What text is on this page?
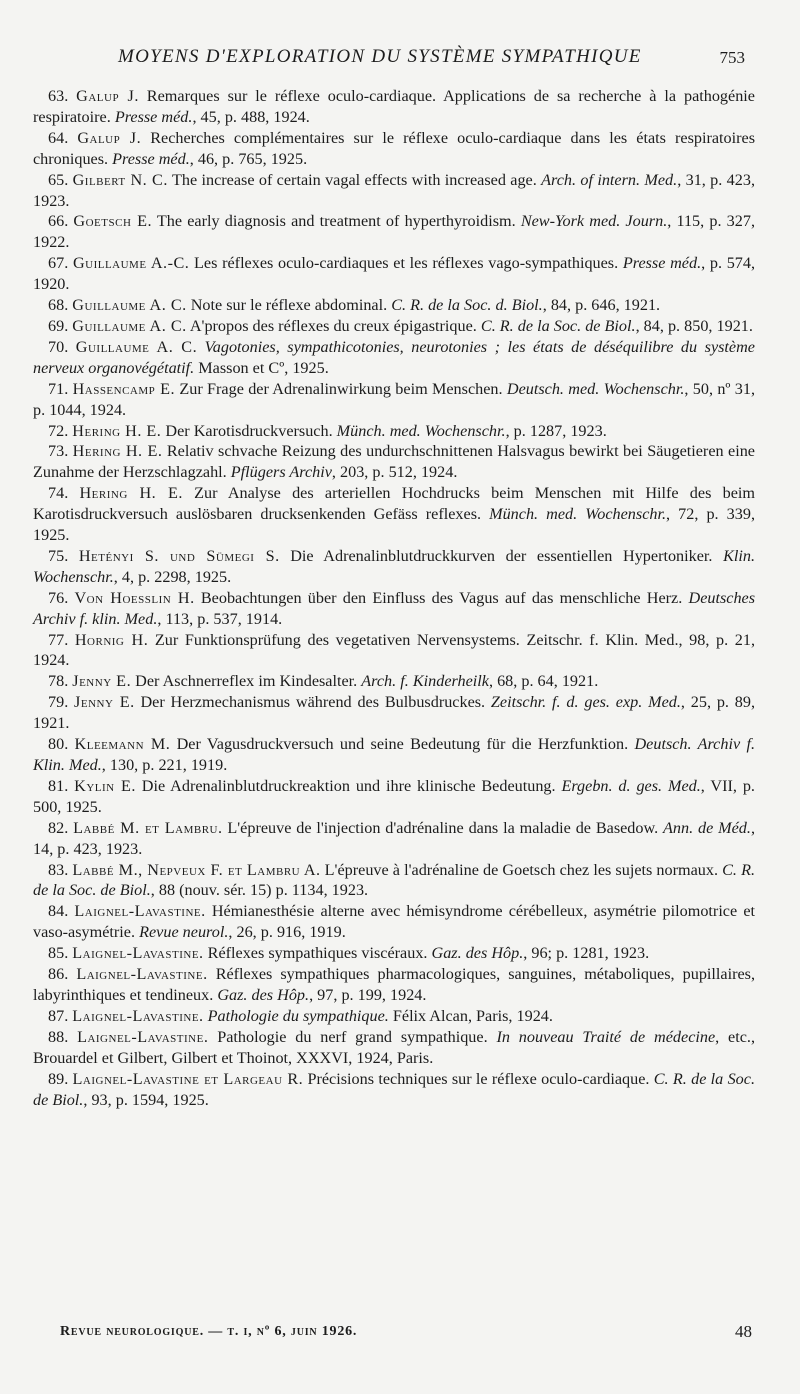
MOYENS D'EXPLORATION DU SYSTÈME SYMPATHIQUE	753

63. Galup J. Remarques sur le réflexe oculo-cardiaque. Applications de sa recherche à la pathogénie respiratoire. Presse méd., 45, p. 488, 1924.

64. Galup J. Recherches complémentaires sur le réflexe oculo-cardiaque dans les états respiratoires chroniques. Presse méd., 46, p. 765, 1925.

65. Gilbert N. C. The increase of certain vagal effects with increased age. Arch. of intern. Med., 31, p. 423, 1923.

66. Goetsch E. The early diagnosis and treatment of hyperthyroidism. New-York med. Journ., 115, p. 327, 1922.

67. Guillaume A.-C. Les réflexes oculo-cardiaques et les réflexes vago-sympathiques. Presse méd., p. 574, 1920.

68. Guillaume A. C. Note sur le réflexe abdominal. C. R. de la Soc. d. Biol., 84, p. 646, 1921.

69. Guillaume A. C. A'propos des réflexes du creux épigastrique. C. R. de la Soc. de Biol., 84, p. 850, 1921.

70. Guillaume A. C. Vagotonies, sympathicotonies, neurotonies ; les états de déséquilibre du système nerveux organovégétatif. Masson et Cº, 1925.

71. Hassencamp E. Zur Frage der Adrenalinwirkung beim Menschen. Deutsch. med. Wochenschr., 50, nº 31, p. 1044, 1924.

72. Hering H. E. Der Karotisdruckversuch. Münch. med. Wochenschr., p. 1287, 1923.

73. Hering H. E. Relativ schvache Reizung des undurchschnittenen Halsvagus bewirkt bei Säugetieren eine Zunahme der Herzschlagzahl. Pflügers Archiv, 203, p. 512, 1924.

74. Hering H. E. Zur Analyse des arteriellen Hochdrucks beim Menschen mit Hilfe des beim Karotisdruckversuch auslösbaren drucksenkenden Gefäss reflexes. Münch. med. Wochenschr., 72, p. 339, 1925.

75. Hetényi S. und Sümegi S. Die Adrenalinblutdruckkurven der essentiellen Hypertoniker. Klin. Wochenschr., 4, p. 2298, 1925.

76. Von Hoesslin H. Beobachtungen über den Einfluss des Vagus auf das menschliche Herz. Deutsches Archiv f. klin. Med., 113, p. 537, 1914.

77. Hornig H. Zur Funktionsprüfung des vegetativen Nervensystems. Zeitschr. f. Klin. Med., 98, p. 21, 1924.

78. Jenny E. Der Aschnerreflex im Kindesalter. Arch. f. Kinderheilk, 68, p. 64, 1921.

79. Jenny E. Der Herzmechanismus während des Bulbusdruckes. Zeitschr. f. d. ges. exp. Med., 25, p. 89, 1921.

80. Kleemann M. Der Vagusdruckversuch und seine Bedeutung für die Herzfunktion. Deutsch. Archiv f. Klin. Med., 130, p. 221, 1919.

81. Kylin E. Die Adrenalinblutdruckreaktion und ihre klinische Bedeutung. Ergebn. d. ges. Med., VII, p. 500, 1925.

82. Labbé M. et Lambru. L'épreuve de l'injection d'adrénaline dans la maladie de Basedow. Ann. de Méd., 14, p. 423, 1923.

83. Labbé M., Nepveux F. et Lambru A. L'épreuve à l'adrénaline de Goetsch chez les sujets normaux. C. R. de la Soc. de Biol., 88 (nouv. sér. 15) p. 1134, 1923.

84. Laignel-Lavastine. Hémianesthésie alterne avec hémisyndrome cérébelleux, asymétrie pilomotrice et vaso-asymétrie. Revue neurol., 26, p. 916, 1919.

85. Laignel-Lavastine. Réflexes sympathiques viscéraux. Gaz. des Hôp., 96; p. 1281, 1923.

86. Laignel-Lavastine. Réflexes sympathiques pharmacologiques, sanguines, métaboliques, pupillaires, labyrinthiques et tendineux. Gaz. des Hôp., 97, p. 199, 1924.

87. Laignel-Lavastine. Pathologie du sympathique. Félix Alcan, Paris, 1924.

88. Laignel-Lavastine. Pathologie du nerf grand sympathique. In nouveau Traité de médecine, etc., Brouardel et Gilbert, Gilbert et Thoinot, XXXVI, 1924, Paris.

89. Laignel-Lavastine et Largeau R. Précisions techniques sur le réflexe oculo-cardiaque. C. R. de la Soc. de Biol., 93, p. 1594, 1925.

Revue neurologique. — t. i, nº 6, juin 1926.	48
